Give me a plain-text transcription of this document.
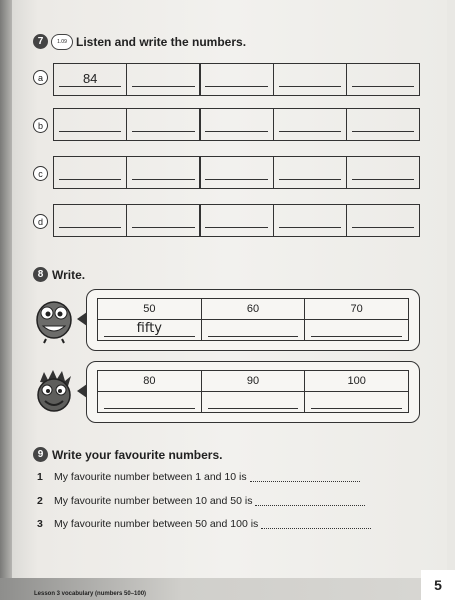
7	1.09 Listen and write the numbers.
a	84
b
c
d
8 Write.
50	60	70
fifty
80	90	100
9 Write your favourite numbers.
1	My favourite number between 1 and 10 is
2	My favourite number between 10 and 50 is
3	My favourite number between 50 and 100 is
Lesson 3 vocabulary (numbers 50–100)
5
